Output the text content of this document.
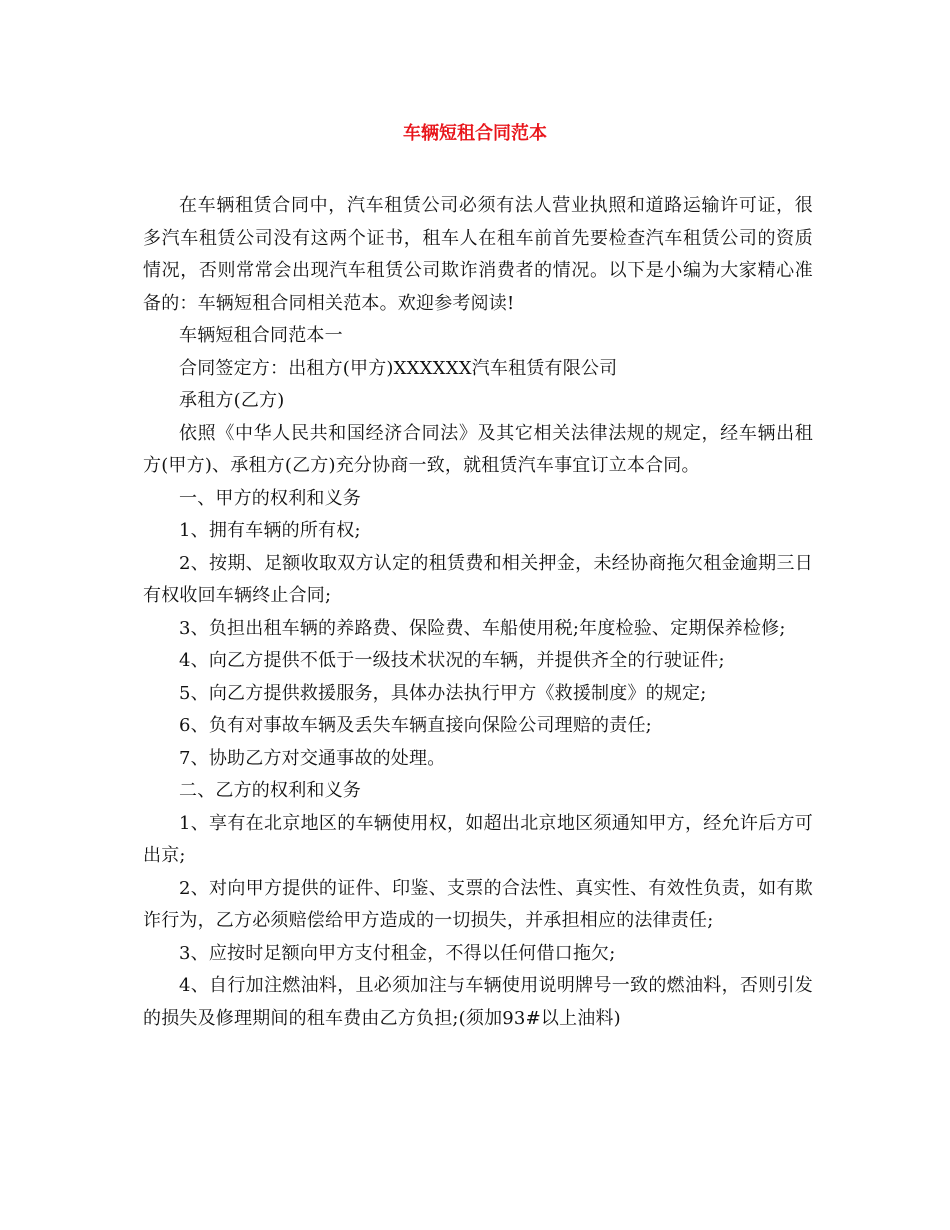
车辆短租合同范本

在车辆租赁合同中，汽车租赁公司必须有法人营业执照和道路运输许可证，很多汽车租赁公司没有这两个证书，租车人在租车前首先要检查汽车租赁公司的资质情况，否则常常会出现汽车租赁公司欺诈消费者的情况。以下是小编为大家精心准备的：车辆短租合同相关范本。欢迎参考阅读!

车辆短租合同范本一

合同签定方：出租方(甲方)XXXXXX汽车租赁有限公司

承租方(乙方)

依照《中华人民共和国经济合同法》及其它相关法律法规的规定，经车辆出租方(甲方)、承租方(乙方)充分协商一致，就租赁汽车事宜订立本合同。

一、甲方的权利和义务

1、拥有车辆的所有权;

2、按期、足额收取双方认定的租赁费和相关押金，未经协商拖欠租金逾期三日有权收回车辆终止合同;

3、负担出租车辆的养路费、保险费、车船使用税;年度检验、定期保养检修;

4、向乙方提供不低于一级技术状况的车辆，并提供齐全的行驶证件;

5、向乙方提供救援服务，具体办法执行甲方《救援制度》的规定;

6、负有对事故车辆及丢失车辆直接向保险公司理赔的责任;

7、协助乙方对交通事故的处理。

二、乙方的权利和义务

1、享有在北京地区的车辆使用权，如超出北京地区须通知甲方，经允许后方可出京;

2、对向甲方提供的证件、印鉴、支票的合法性、真实性、有效性负责，如有欺诈行为，乙方必须赔偿给甲方造成的一切损失，并承担相应的法律责任;

3、应按时足额向甲方支付租金，不得以任何借口拖欠;

4、自行加注燃油料，且必须加注与车辆使用说明牌号一致的燃油料，否则引发的损失及修理期间的租车费由乙方负担;(须加93#以上油料)
